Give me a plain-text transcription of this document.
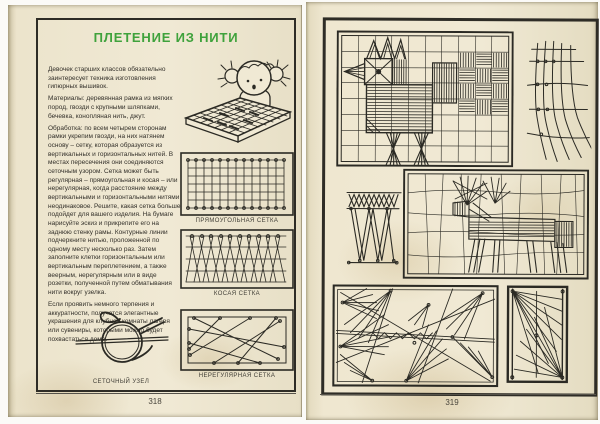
ПЛЕТЕНИЕ ИЗ НИТИ

Девочек старших классов обязательно заинтересует техника изготовления гипюрных вышивок.

Материалы: деревянная рамка из мягких пород, гвозди с крупными шляпками, бечевка, конопляная нить, джут.

Обработка: по всем четырем сторонам рамки укрепим гвозди, на них натянем основу – сетку, которая образуется из вертикальных и горизонтальных нитей. В местах пересечения они соединяются сеточным узором. Сетка может быть регулярная – прямоугольная и косая – или нерегулярная, когда расстояние между вертикальными и горизонтальными нитями неодинаковое. Решите, какая сетка больше подойдет для вашего изделия. На бумаге нарисуйте эскиз и прикрепите его на заднюю стенку рамы. Контурные линии подчеркните нитью, проложенной по одному месту несколько раз. Затем заполните клетки горизонтальным или вертикальным переплетением, а также веерным, нерегулярным или в виде розетки, полученной путем обматывания нити вокруг узелка.

Если проявить немного терпения и аккуратности, получатся элегантные украшения для клубной комнаты лагеря или сувениры, которыми можно будет похвастаться дома.

ПРЯМОУГОЛЬНАЯ СЕТКА
КОСАЯ СЕТКА
НЕРЕГУЛЯРНАЯ СЕТКА
СЕТОЧНЫЙ УЗЕЛ
318	319
